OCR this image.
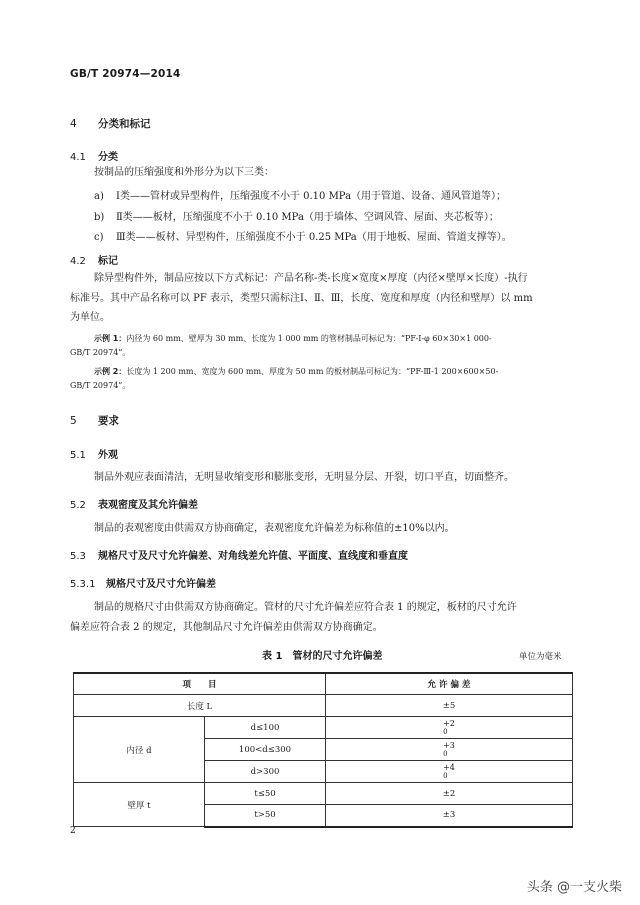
GB/T 20974—2014
4 分类和标记
4.1 分类
按制品的压缩强度和外形分为以下三类：
a) Ⅰ类——管材或异型构件，压缩强度不小于 0.10 MPa（用于管道、设备、通风管道等）；
b) Ⅱ类——板材，压缩强度不小于 0.10 MPa（用于墙体、空调风管、屋面、夹芯板等）；
c) Ⅲ类——板材、异型构件，压缩强度不小于 0.25 MPa（用于地板、屋面、管道支撑等）。
4.2 标记
除异型构件外，制品应按以下方式标记：产品名称-类-长度×宽度×厚度（内径×壁厚×长度）-执行
标准号。其中产品名称可以 PF 表示，类型只需标注Ⅰ、Ⅱ、Ⅲ，长度、宽度和厚度（内径和壁厚）以 mm
为单位。
示例 1：内径为 60 mm、壁厚为 30 mm、长度为 1 000 mm 的管材制品可标记为：“PF-Ⅰ-φ 60×30×1 000-
GB/T 20974”。
示例 2：长度为 1 200 mm、宽度为 600 mm、厚度为 50 mm 的板材制品可标记为：“PF-Ⅲ-1 200×600×50-
GB/T 20974”。
5 要求
5.1 外观
制品外观应表面清洁，无明显收缩变形和膨胀变形，无明显分层、开裂，切口平直，切面整齐。
5.2 表观密度及其允许偏差
制品的表观密度由供需双方协商确定，表观密度允许偏差为标称值的±10%以内。
5.3 规格尺寸及尺寸允许偏差、对角线差允许值、平面度、直线度和垂直度
5.3.1 规格尺寸及尺寸允许偏差
制品的规格尺寸由供需双方协商确定。管材的尺寸允许偏差应符合表 1 的规定，板材的尺寸允许
偏差应符合表 2 的规定，其他制品尺寸允许偏差由供需双方协商确定。
表 1　管材的尺寸允许偏差	单位为毫米
项　　目		允 许 偏 差
长度 L		±5
内径 d	d≤100	+2
0

	100<d≤300	+3
0

	d>300	+4
0

壁厚 t	t≤50	±2
	t>50	±3
2
头条 @一支火柴
